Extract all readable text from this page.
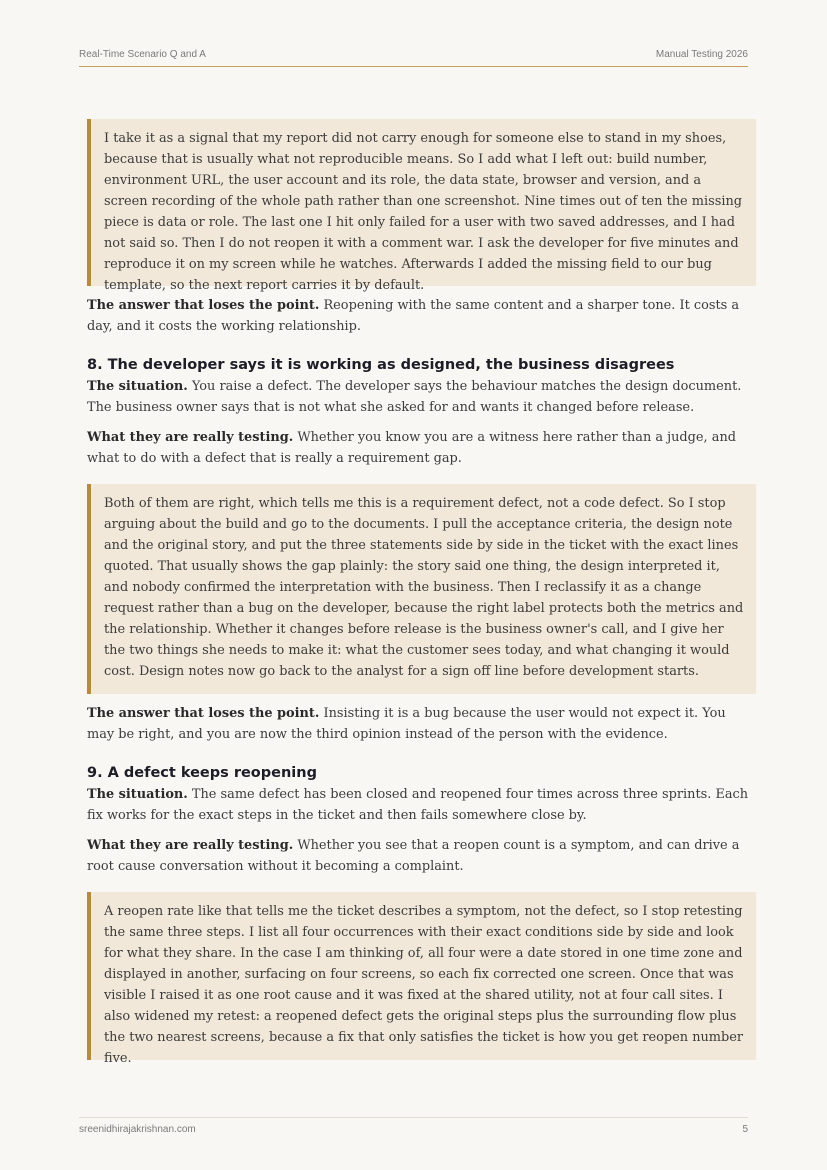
Real-Time Scenario Q and A	Manual Testing 2026
I take it as a signal that my report did not carry enough for someone else to stand in my shoes, because that is usually what not reproducible means. So I add what I left out: build number, environment URL, the user account and its role, the data state, browser and version, and a screen recording of the whole path rather than one screenshot. Nine times out of ten the missing piece is data or role. The last one I hit only failed for a user with two saved addresses, and I had not said so. Then I do not reopen it with a comment war. I ask the developer for five minutes and reproduce it on my screen while he watches. Afterwards I added the missing field to our bug template, so the next report carries it by default.

The answer that loses the point. Reopening with the same content and a sharper tone. It costs a day, and it costs the working relationship.

8. The developer says it is working as designed, the business disagrees

The situation. You raise a defect. The developer says the behaviour matches the design document. The business owner says that is not what she asked for and wants it changed before release.

What they are really testing. Whether you know you are a witness here rather than a judge, and what to do with a defect that is really a requirement gap.

Both of them are right, which tells me this is a requirement defect, not a code defect. So I stop arguing about the build and go to the documents. I pull the acceptance criteria, the design note and the original story, and put the three statements side by side in the ticket with the exact lines quoted. That usually shows the gap plainly: the story said one thing, the design interpreted it, and nobody confirmed the interpretation with the business. Then I reclassify it as a change request rather than a bug on the developer, because the right label protects both the metrics and the relationship. Whether it changes before release is the business owner's call, and I give her the two things she needs to make it: what the customer sees today, and what changing it would cost. Design notes now go back to the analyst for a sign off line before development starts.

The answer that loses the point. Insisting it is a bug because the user would not expect it. You may be right, and you are now the third opinion instead of the person with the evidence.

9. A defect keeps reopening

The situation. The same defect has been closed and reopened four times across three sprints. Each fix works for the exact steps in the ticket and then fails somewhere close by.

What they are really testing. Whether you see that a reopen count is a symptom, and can drive a root cause conversation without it becoming a complaint.

A reopen rate like that tells me the ticket describes a symptom, not the defect, so I stop retesting the same three steps. I list all four occurrences with their exact conditions side by side and look for what they share. In the case I am thinking of, all four were a date stored in one time zone and displayed in another, surfacing on four screens, so each fix corrected one screen. Once that was visible I raised it as one root cause and it was fixed at the shared utility, not at four call sites. I also widened my retest: a reopened defect gets the original steps plus the surrounding flow plus the two nearest screens, because a fix that only satisfies the ticket is how you get reopen number five.
sreenidhirajakrishnan.com	5
